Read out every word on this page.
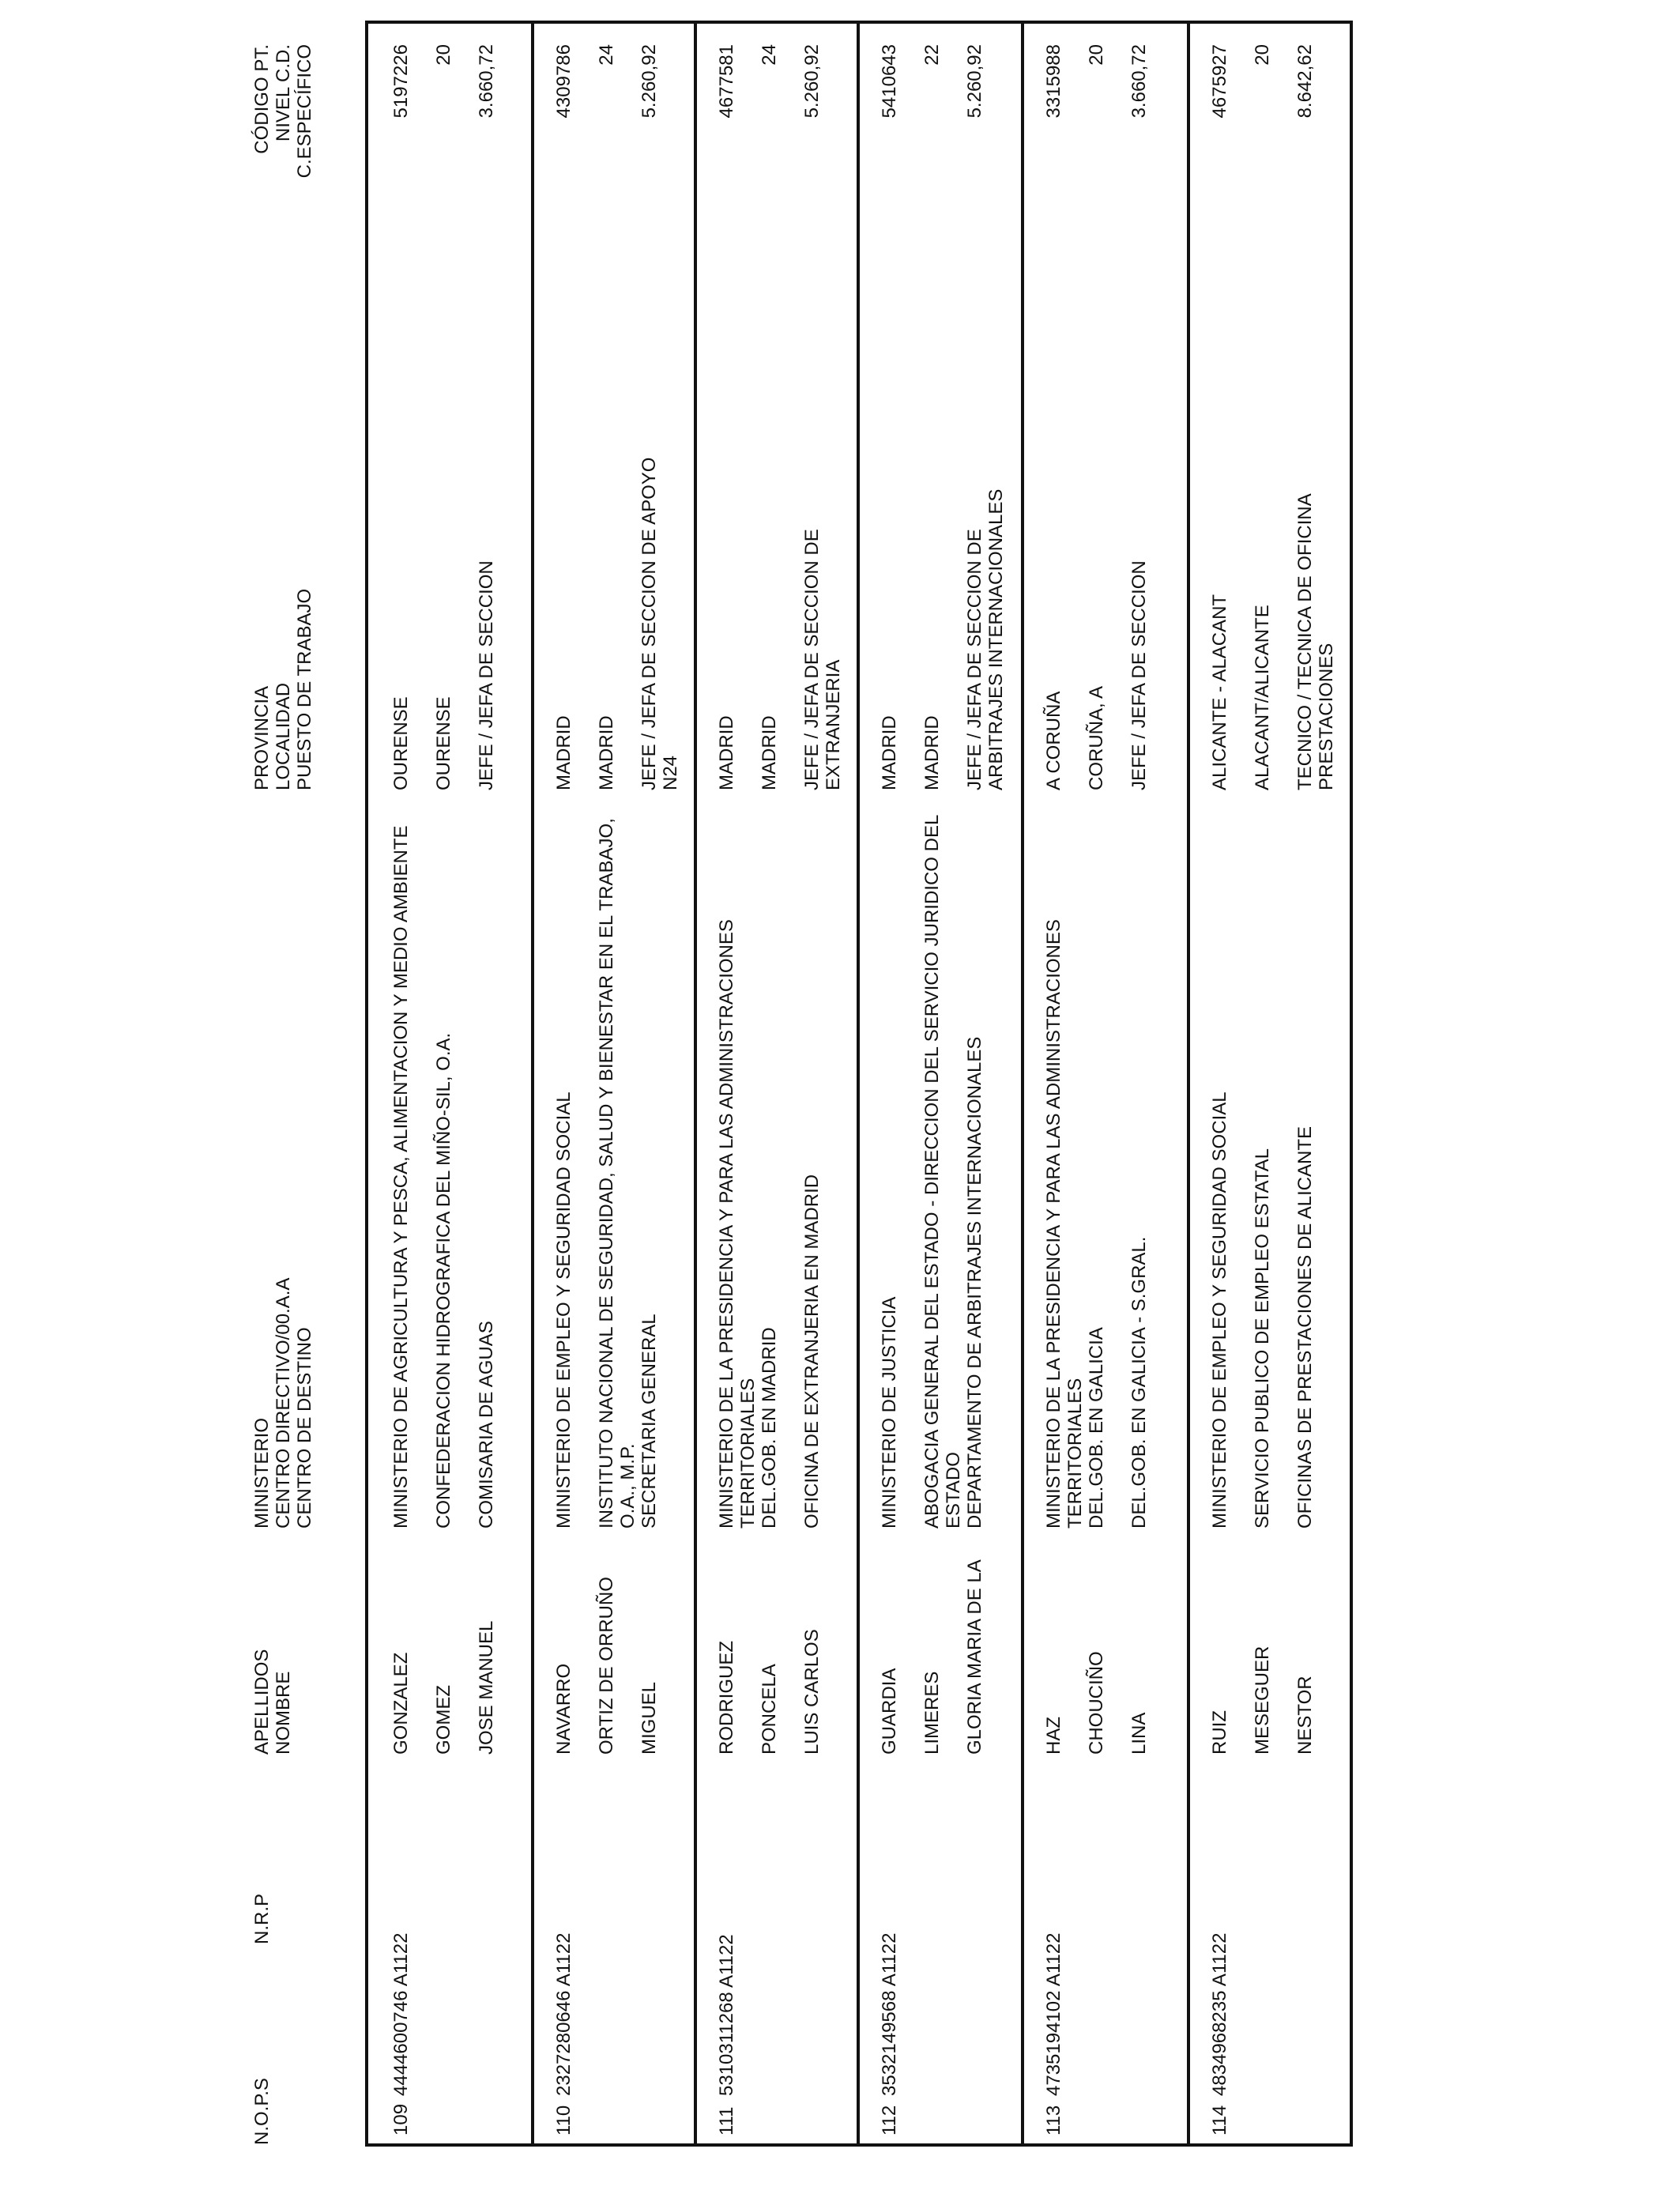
N.O.P.S
N.R.P
APELLIDOS NOMBRE
MINISTERIO CENTRO DIRECTIVO/00.A.A CENTRO DE DESTINO
PROVINCIA LOCALIDAD PUESTO DE TRABAJO
CÓDIGO PT. NIVEL C.D. C.ESPECÍFICO
109
4444600746 A1122
GONZALEZ GOMEZ JOSE MANUEL
MINISTERIO DE AGRICULTURA Y PESCA, ALIMENTACION Y MEDIO AMBIENTE CONFEDERACION HIDROGRAFICA DEL MIÑO-SIL, O.A. COMISARIA DE AGUAS
OURENSE OURENSE JEFE / JEFA DE SECCION
5197226 20 3.660,72
110
2327280646 A1122
NAVARRO ORTIZ DE ORRUÑO MIGUEL
MINISTERIO DE EMPLEO Y SEGURIDAD SOCIAL INSTITUTO NACIONAL DE SEGURIDAD, SALUD Y BIENESTAR EN EL TRABAJO, O.A., M.P. SECRETARIA GENERAL
MADRID MADRID JEFE / JEFA DE SECCION DE APOYO N24
4309786 24 5.260,92
111
5310311268 A1122
RODRIGUEZ PONCELA LUIS CARLOS
MINISTERIO DE LA PRESIDENCIA Y PARA LAS ADMINISTRACIONES TERRITORIALES DEL.GOB. EN MADRID OFICINA DE EXTRANJERIA EN MADRID
MADRID MADRID JEFE / JEFA DE SECCION DE EXTRANJERIA
4677581 24 5.260,92
112
3532149568 A1122
GUARDIA LIMERES GLORIA MARIA DE LA
MINISTERIO DE JUSTICIA ABOGACIA GENERAL DEL ESTADO - DIRECCION DEL SERVICIO JURIDICO DEL ESTADO DEPARTAMENTO DE ARBITRAJES INTERNACIONALES
MADRID MADRID JEFE / JEFA DE SECCION DE ARBITRAJES INTERNACIONALES
5410643 22 5.260,92
113
4735194102 A1122
HAZ CHOUCIÑO LINA
MINISTERIO DE LA PRESIDENCIA Y PARA LAS ADMINISTRACIONES TERRITORIALES DEL.GOB. EN GALICIA DEL.GOB. EN GALICIA - S.GRAL.
A CORUÑA CORUÑA, A JEFE / JEFA DE SECCION
3315988 20 3.660,72
114
4834968235 A1122
RUIZ MESEGUER NESTOR
MINISTERIO DE EMPLEO Y SEGURIDAD SOCIAL SERVICIO PUBLICO DE EMPLEO ESTATAL OFICINAS DE PRESTACIONES DE ALICANTE
ALICANTE - ALACANT ALACANT/ALICANTE TECNICO / TECNICA DE OFICINA PRESTACIONES
4675927 20 8.642,62
